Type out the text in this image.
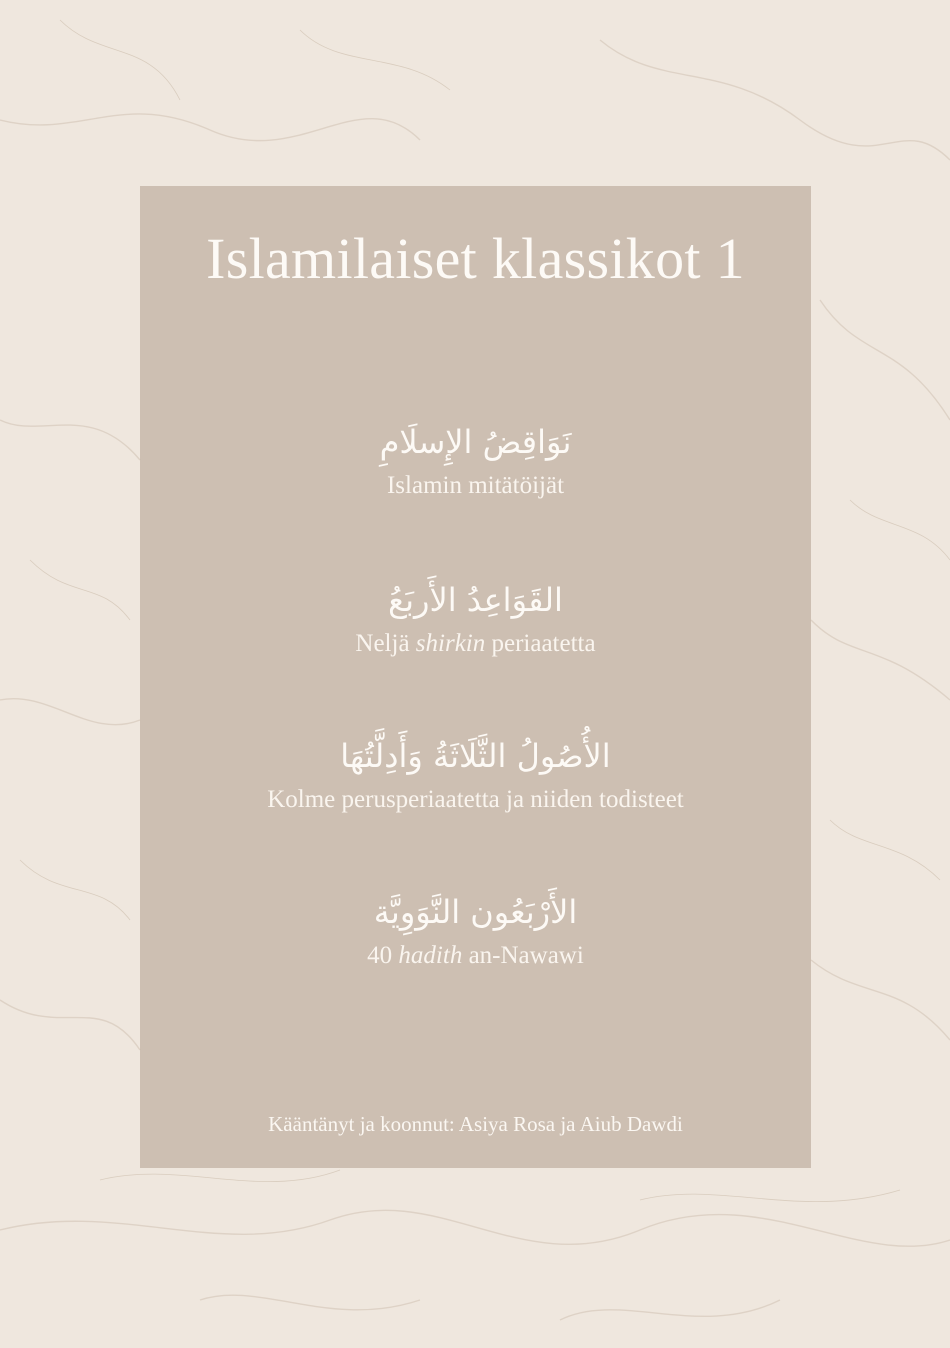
Islamilaiset klassikot 1
نَوَاقِضُ الإِسلَامِ
Islamin mitätöijät
القَوَاعِدُ الأَربَعُ
Neljä shirkin periaatetta
الأُصُولُ الثَّلَاثَةُ وَأَدِلَّتُهَا
Kolme perusperiaatetta ja niiden todisteet
الأَرْبَعُون النَّوَوِيَّة
40 hadith an-Nawawi
Kääntänyt ja koonnut: Asiya Rosa ja Aiub Dawdi
